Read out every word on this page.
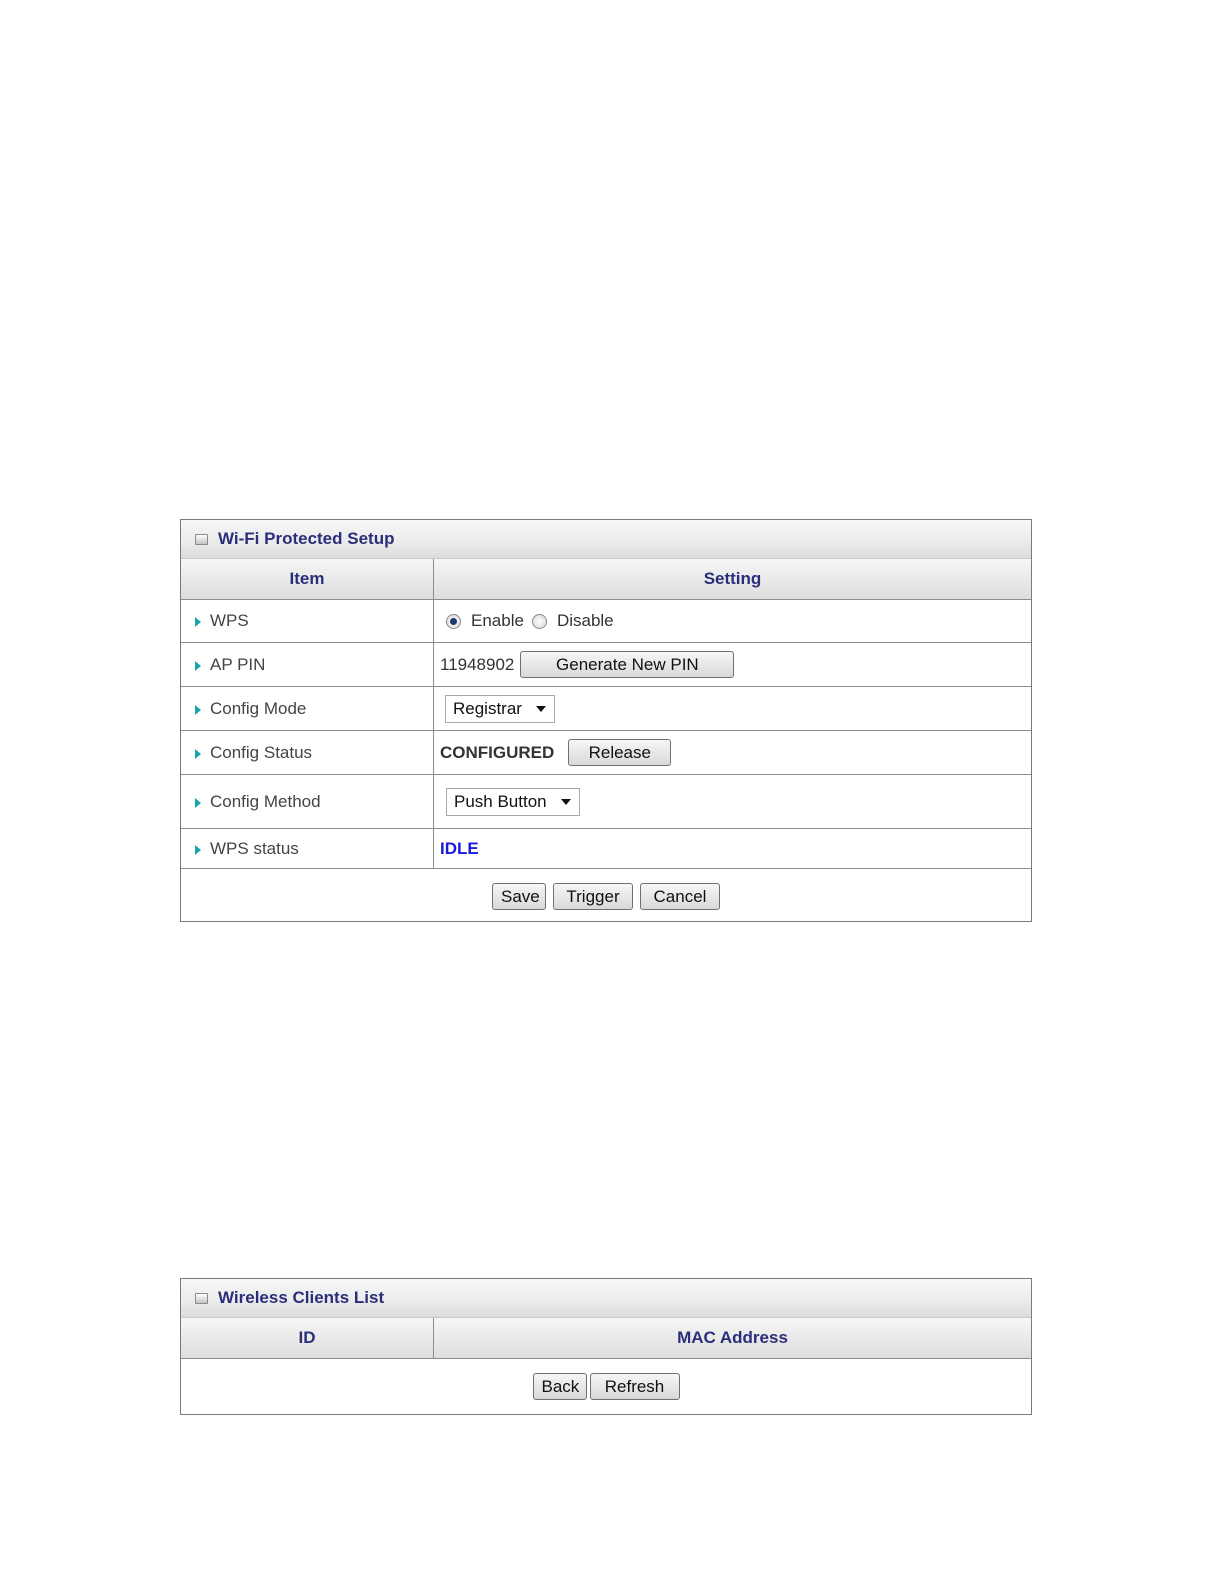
Wi-Fi Protected Setup
Item	Setting
WPS	Enable Disable
AP PIN	11948902	Generate New PIN
Config Mode	Registrar
Config Status	CONFIGURED	Release
Config Method	Push Button
WPS status	IDLE
Save	Trigger	Cancel
Wireless Clients List
ID	MAC Address
Back	Refresh
